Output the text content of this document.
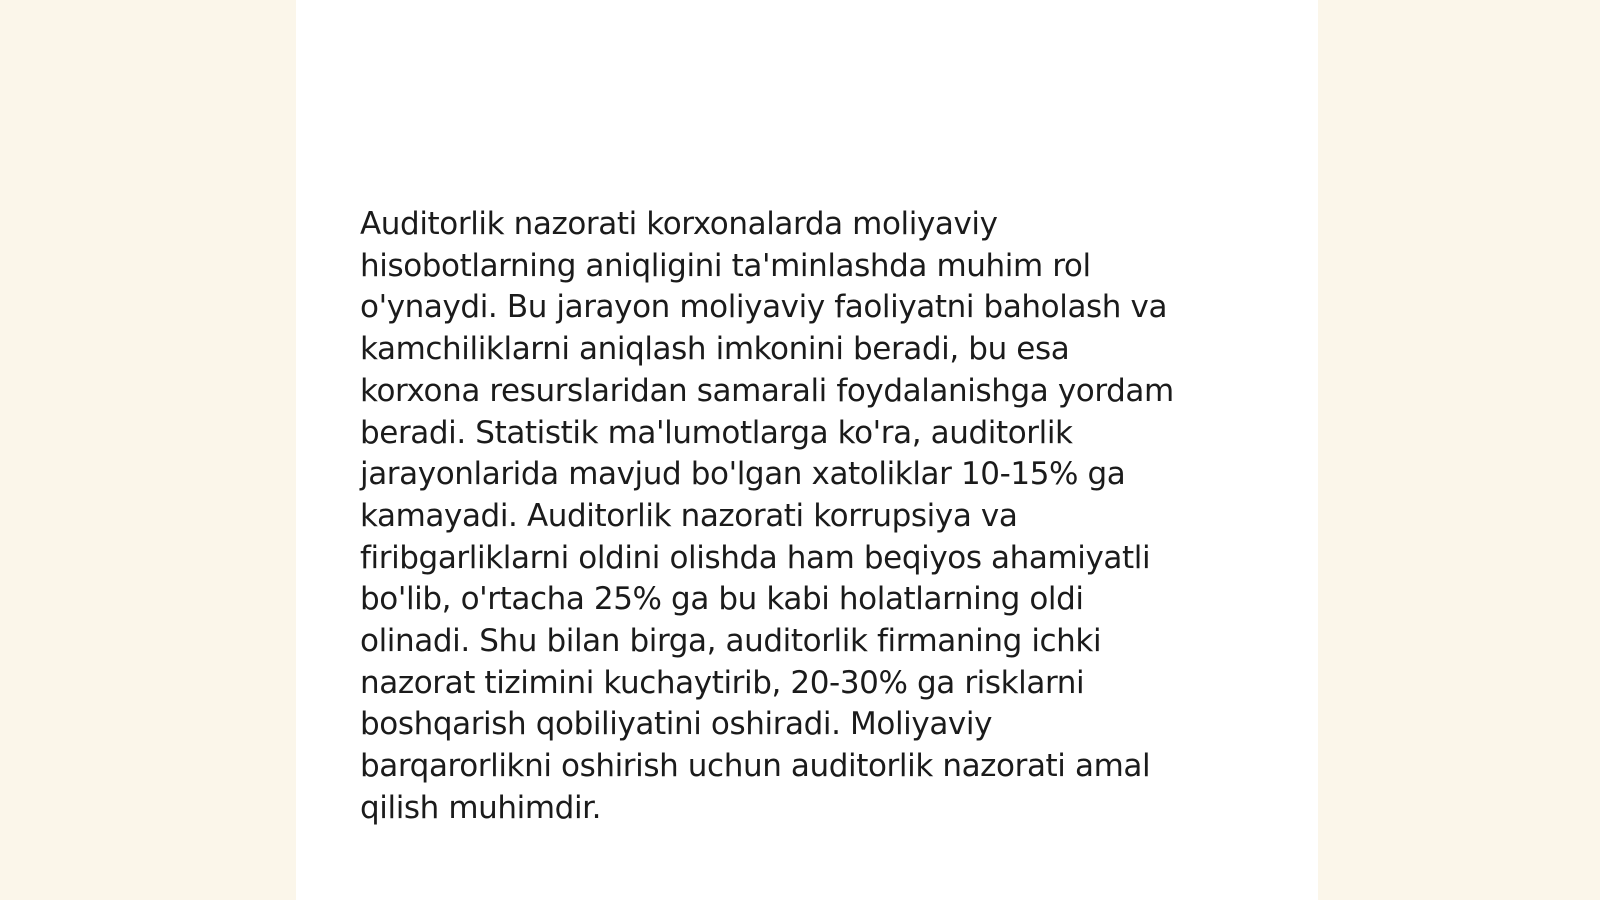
Auditorlik nazorati korxonalarda moliyaviy
hisobotlarning aniqligini ta'minlashda muhim rol
o'ynaydi. Bu jarayon moliyaviy faoliyatni baholash va
kamchiliklarni aniqlash imkonini beradi, bu esa
korxona resurslaridan samarali foydalanishga yordam
beradi. Statistik ma'lumotlarga ko'ra, auditorlik
jarayonlarida mavjud bo'lgan xatoliklar 10-15% ga
kamayadi. Auditorlik nazorati korrupsiya va
firibgarliklarni oldini olishda ham beqiyos ahamiyatli
bo'lib, o'rtacha 25% ga bu kabi holatlarning oldi
olinadi. Shu bilan birga, auditorlik firmaning ichki
nazorat tizimini kuchaytirib, 20-30% ga risklarni
boshqarish qobiliyatini oshiradi. Moliyaviy
barqarorlikni oshirish uchun auditorlik nazorati amal
qilish muhimdir.
